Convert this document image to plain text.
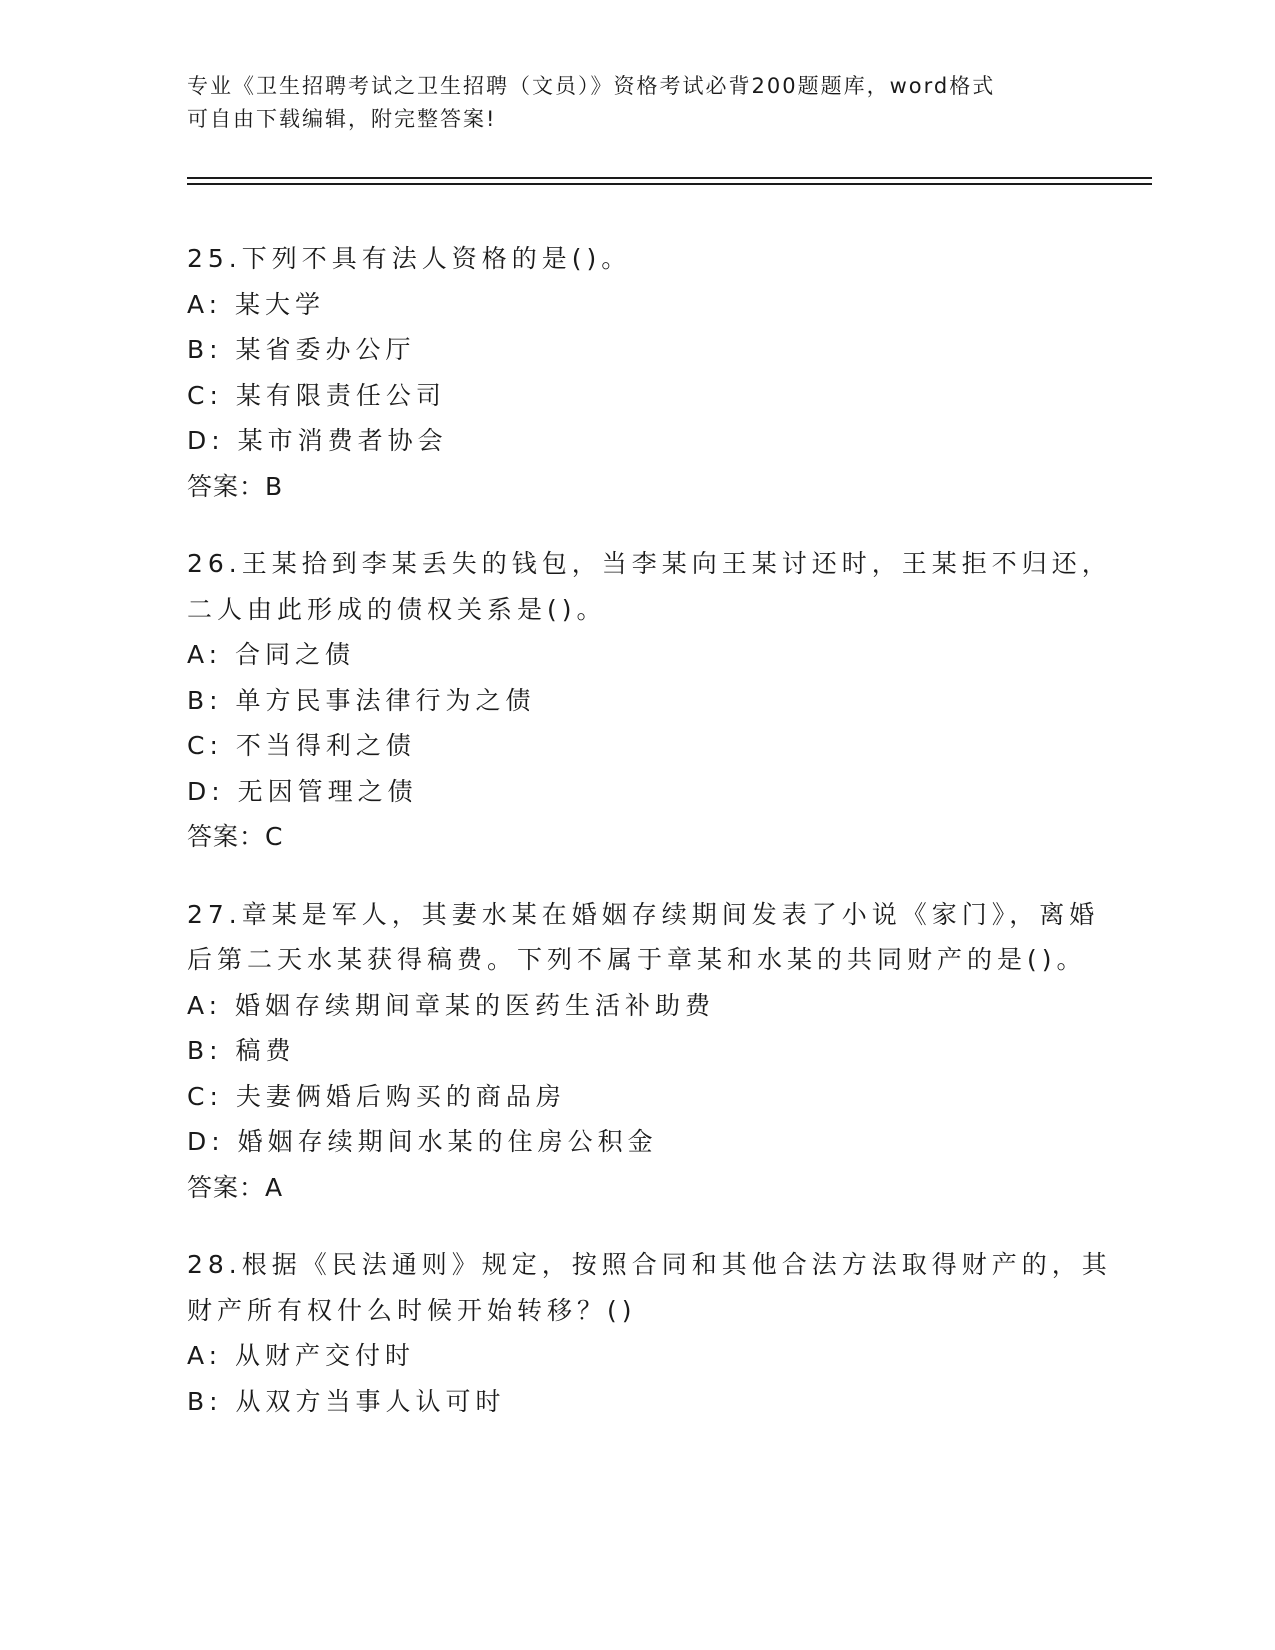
专业《卫生招聘考试之卫生招聘（文员）》资格考试必背200题题库，word格式
可自由下载编辑，附完整答案!
25.下列不具有法人资格的是()。
A: 某大学
B: 某省委办公厅
C: 某有限责任公司
D: 某市消费者协会
答案：B
26.王某拾到李某丢失的钱包，当李某向王某讨还时，王某拒不归还，
二人由此形成的债权关系是()。
A: 合同之债
B: 单方民事法律行为之债
C: 不当得利之债
D: 无因管理之债
答案：C
27.章某是军人，其妻水某在婚姻存续期间发表了小说《家门》，离婚
后第二天水某获得稿费。下列不属于章某和水某的共同财产的是()。
A: 婚姻存续期间章某的医药生活补助费
B: 稿费
C: 夫妻俩婚后购买的商品房
D: 婚姻存续期间水某的住房公积金
答案：A
28.根据《民法通则》规定，按照合同和其他合法方法取得财产的，其
财产所有权什么时候开始转移？()
A: 从财产交付时
B: 从双方当事人认可时
